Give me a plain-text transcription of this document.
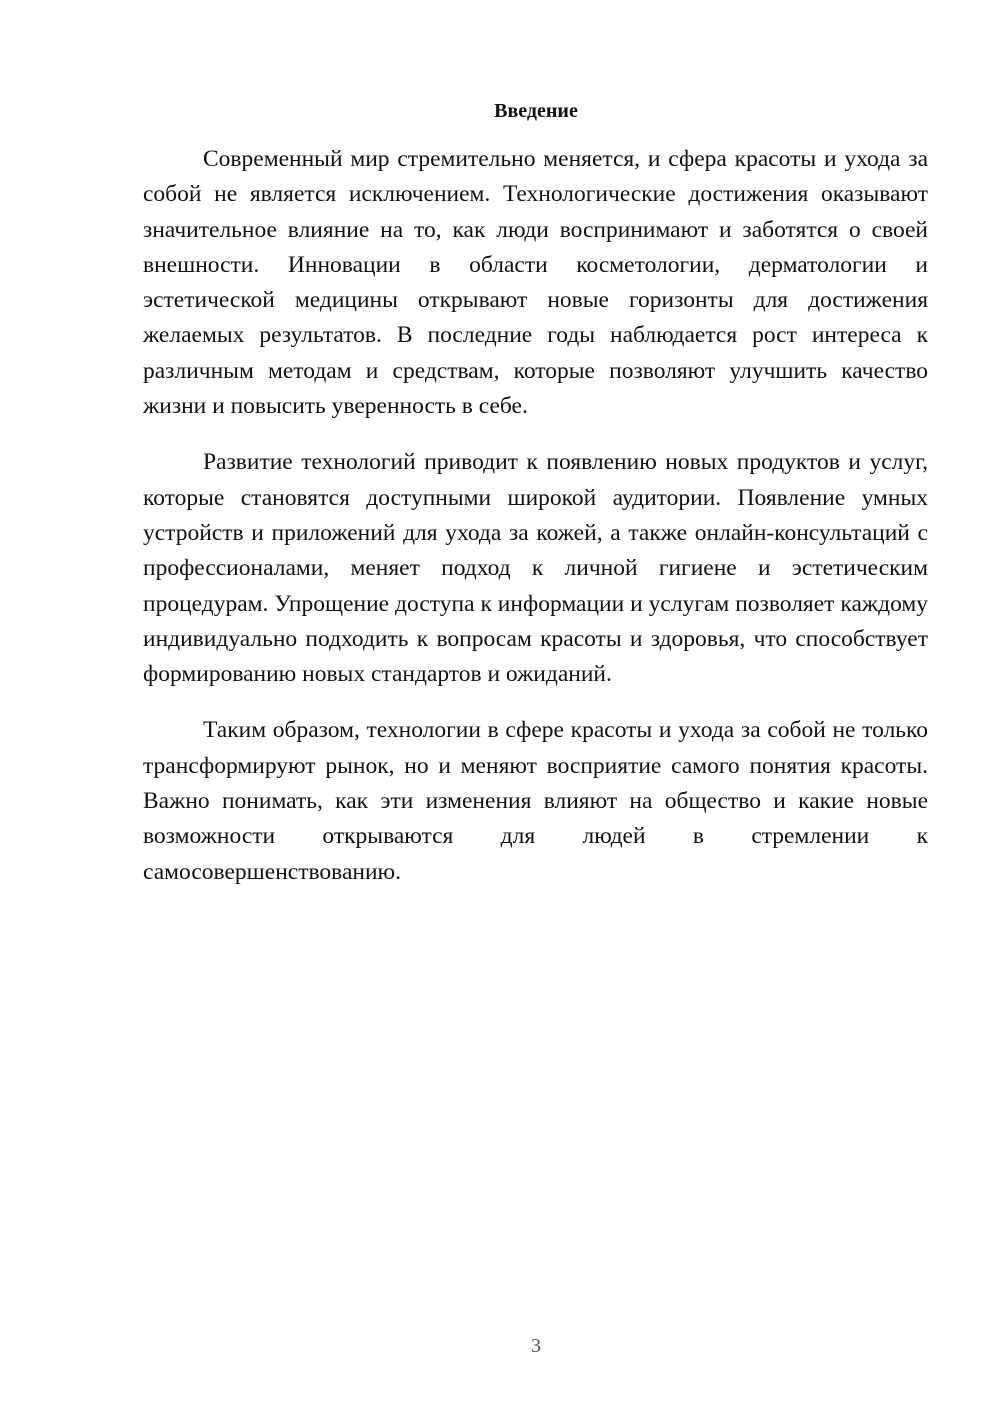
Введение

Современный мир стремительно меняется, и сфера красоты и ухода за собой не является исключением. Технологические достижения оказывают значительное влияние на то, как люди воспринимают и заботятся о своей внешности. Инновации в области косметологии, дерматологии и эстетической медицины открывают новые горизонты для достижения желаемых результатов. В последние годы наблюдается рост интереса к различным методам и средствам, которые позволяют улучшить качество жизни и повысить уверенность в себе.

Развитие технологий приводит к появлению новых продуктов и услуг, которые становятся доступными широкой аудитории. Появление умных устройств и приложений для ухода за кожей, а также онлайн-консультаций с профессионалами, меняет подход к личной гигиене и эстетическим процедурам. Упрощение доступа к информации и услугам позволяет каждому индивидуально подходить к вопросам красоты и здоровья, что способствует формированию новых стандартов и ожиданий.

Таким образом, технологии в сфере красоты и ухода за собой не только трансформируют рынок, но и меняют восприятие самого понятия красоты. Важно понимать, как эти изменения влияют на общество и какие новые возможности открываются для людей в стремлении к самосовершенствованию.

3
